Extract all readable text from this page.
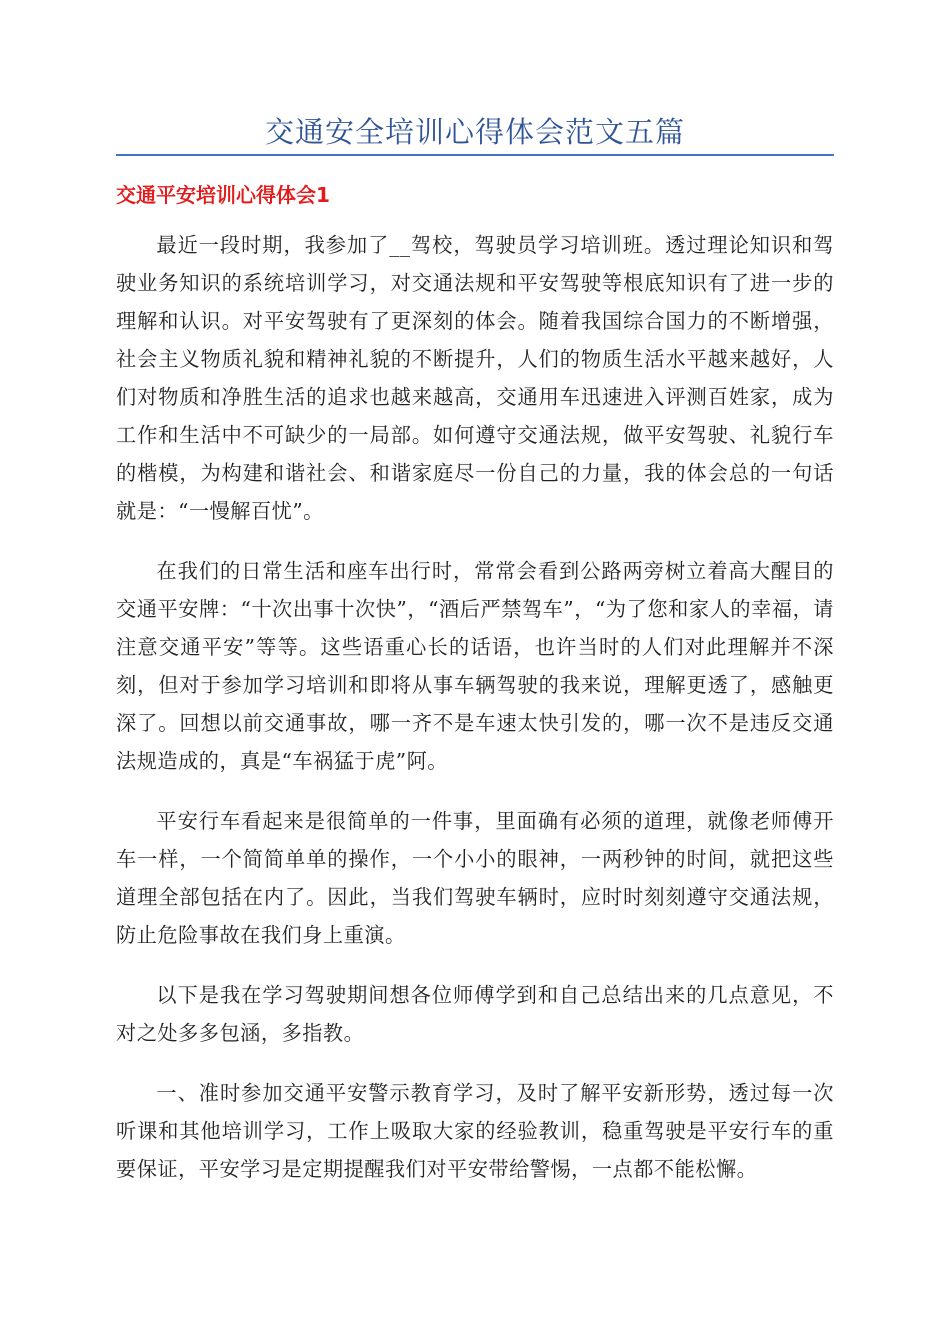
交通安全培训心得体会范文五篇
交通平安培训心得体会1

最近一段时期，我参加了__驾校，驾驶员学习培训班。透过理论知识和驾驶业务知识的系统培训学习，对交通法规和平安驾驶等根底知识有了进一步的理解和认识。对平安驾驶有了更深刻的体会。随着我国综合国力的不断增强，社会主义物质礼貌和精神礼貌的不断提升，人们的物质生活水平越来越好，人们对物质和净胜生活的追求也越来越高，交通用车迅速进入评测百姓家，成为工作和生活中不可缺少的一局部。如何遵守交通法规，做平安驾驶、礼貌行车的楷模，为构建和谐社会、和谐家庭尽一份自己的力量，我的体会总的一句话就是：“一慢解百忧”。

在我们的日常生活和座车出行时，常常会看到公路两旁树立着高大醒目的交通平安牌：“十次出事十次快”，“酒后严禁驾车”，“为了您和家人的幸福，请注意交通平安”等等。这些语重心长的话语，也许当时的人们对此理解并不深刻，但对于参加学习培训和即将从事车辆驾驶的我来说，理解更透了，感触更深了。回想以前交通事故，哪一齐不是车速太快引发的，哪一次不是违反交通法规造成的，真是“车祸猛于虎”阿。

平安行车看起来是很简单的一件事，里面确有必须的道理，就像老师傅开车一样，一个简简单单的操作，一个小小的眼神，一两秒钟的时间，就把这些道理全部包括在内了。因此，当我们驾驶车辆时，应时时刻刻遵守交通法规，防止危险事故在我们身上重演。

以下是我在学习驾驶期间想各位师傅学到和自己总结出来的几点意见，不对之处多多包涵，多指教。

一、准时参加交通平安警示教育学习，及时了解平安新形势，透过每一次听课和其他培训学习，工作上吸取大家的经验教训，稳重驾驶是平安行车的重要保证，平安学习是定期提醒我们对平安带给警惕，一点都不能松懈。
